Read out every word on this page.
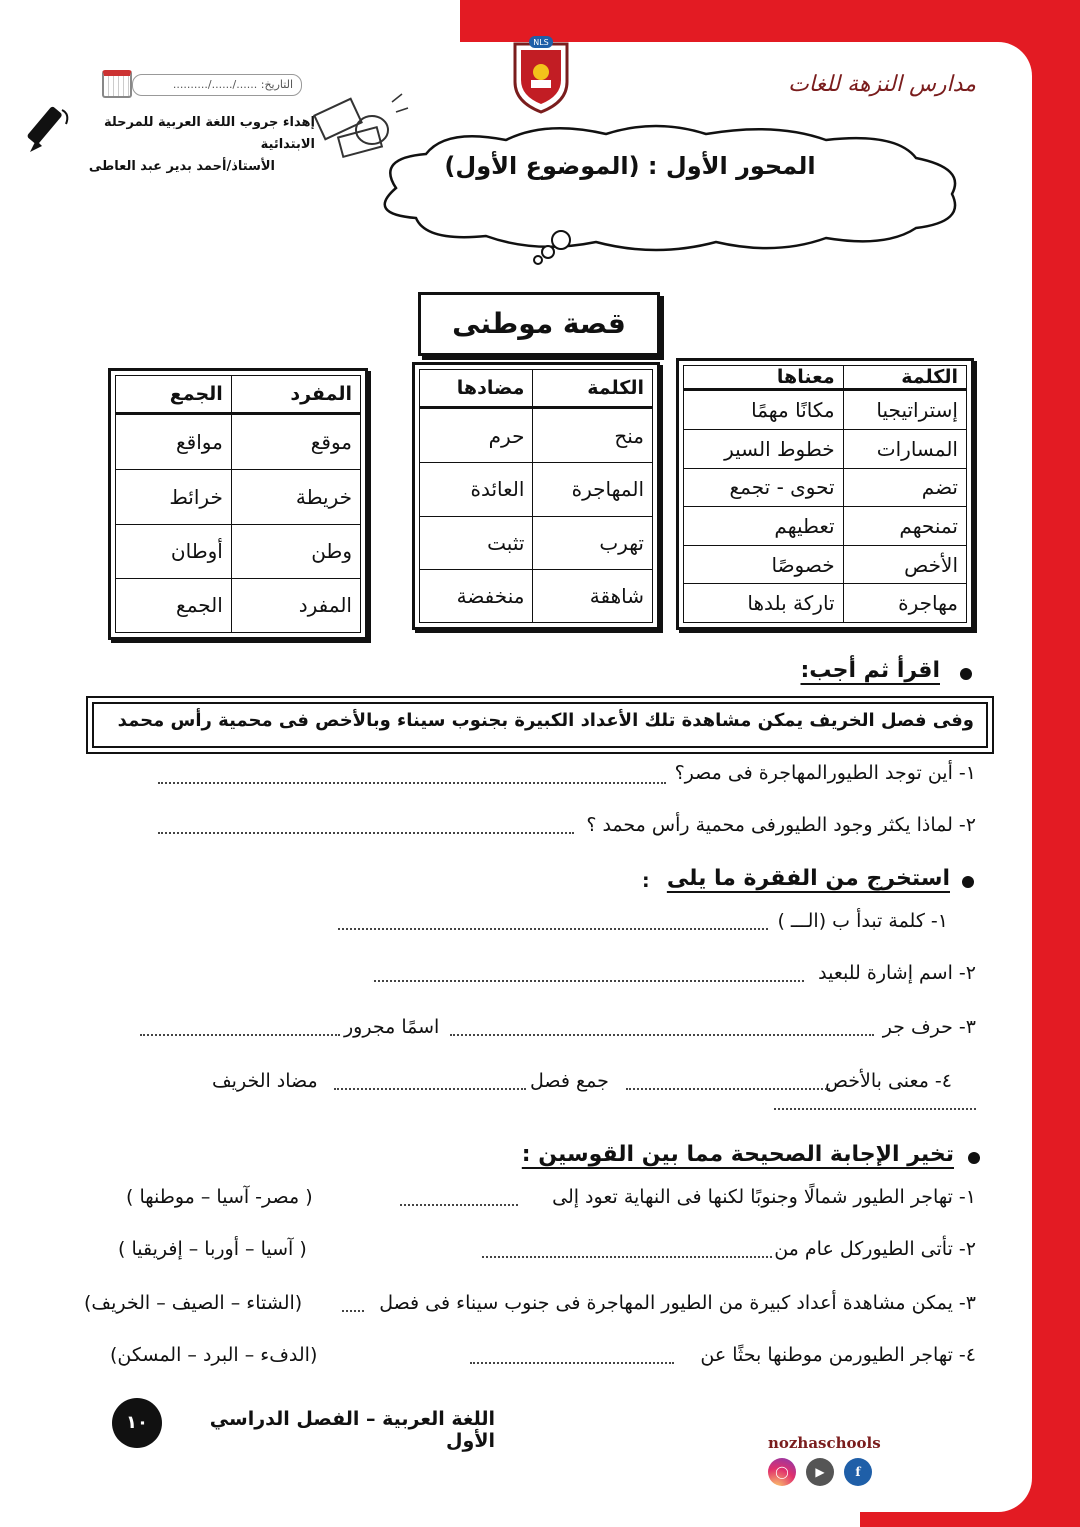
NLS
مدارس النزهة للغات
التاريخ: ....../....../..........
إهداء جروب اللغة العربية للمرحلة الابتدائية
الأستاذ/أحمد بدير عبد العاطى	المحور الأول : (الموضوع الأول)
قصة موطنى
الكلمة	معناها
إستراتيجيا	مكانًا مهمًا
المسارات	خطوط السير
تضم	تحوى - تجمع
تمنحهم	تعطيهم
الأخص	خصوصًا
مهاجرة	تاركة بلدها
الكلمة	مضادها
منح	حرم
المهاجرة	العائدة
تهرب	تثبت
شاهقة	منخفضة
المفرد	الجمع
موقع	مواقع
خريطة	خرائط
وطن	أوطان
المفرد	الجمع
اقرأ ثم أجب:
وفى فصل الخريف يمكن مشاهدة تلك الأعداد الكبيرة بجنوب سيناء وبالأخص فى محمية رأس محمد
١- أين توجد الطيورالمهاجرة فى مصر؟
٢- لماذا يكثر وجود الطيورفى محمية رأس محمد ؟
استخرج من الفقرة ما يلى
:
١- كلمة تبدأ ب (الـــ )
٢- اسم إشارة للبعيد
٣- حرف جر
اسمًا مجرور
٤- معنى بالأخص
جمع فصل
مضاد الخريف
تخير الإجابة الصحيحة مما بين القوسين :
١- تهاجر الطيور شمالًا وجنوبًا لكنها فى النهاية تعود إلى
( مصر- آسيا – موطنها )
٢- تأتى الطيوركل عام من
( آسيا – أوربا – إفريقيا )
٣- يمكن مشاهدة أعداد كبيرة من الطيور المهاجرة فى جنوب سيناء فى فصل
(الشتاء – الصيف – الخريف)
٤- تهاجر الطيورمن موطنها بحثًا عن
(الدفء – البرد – المسكن)
١٠	اللغة العربية – الفصل الدراسي الأول	nozhaschools
◯	▶	f
ب ض
ج ظ
